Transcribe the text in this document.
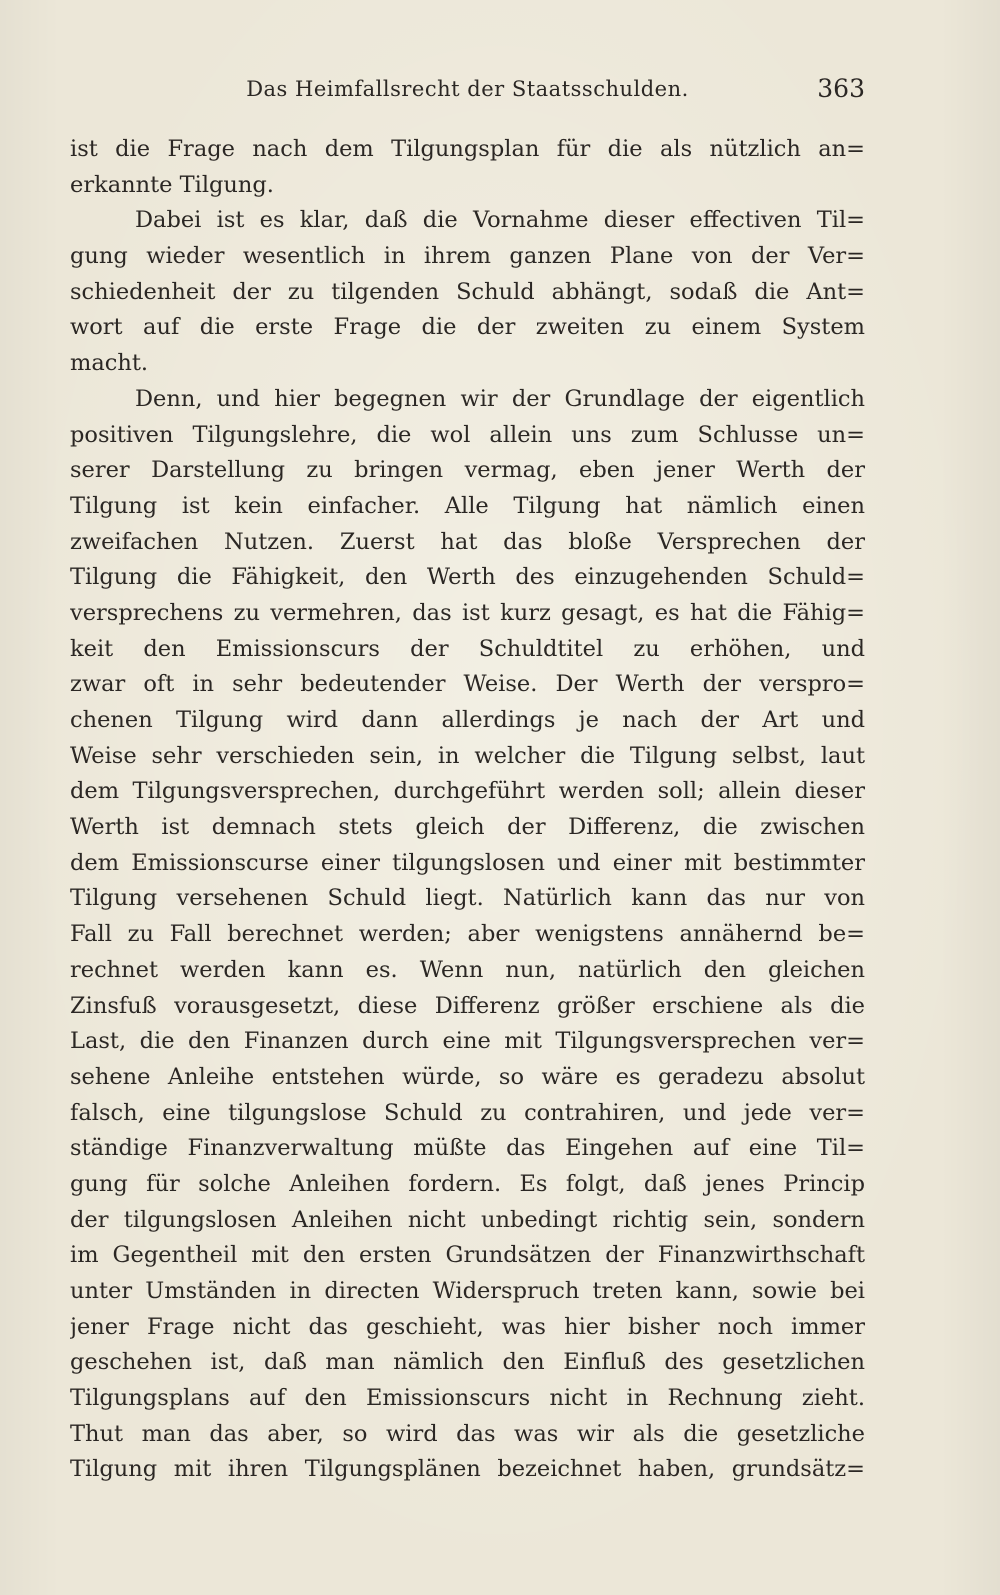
Das Heimfallsrecht der Staatsschulden.	363
ist die Frage nach dem Tilgungsplan für die als nützlich an=
erkannte Tilgung.
Dabei ist es klar, daß die Vornahme dieser effectiven Til=
gung wieder wesentlich in ihrem ganzen Plane von der Ver=
schiedenheit der zu tilgenden Schuld abhängt, sodaß die Ant=
wort auf die erste Frage die der zweiten zu einem System
macht.
Denn, und hier begegnen wir der Grundlage der eigentlich
positiven Tilgungslehre, die wol allein uns zum Schlusse un=
serer Darstellung zu bringen vermag, eben jener Werth der
Tilgung ist kein einfacher. Alle Tilgung hat nämlich einen
zweifachen Nutzen. Zuerst hat das bloße Versprechen der
Tilgung die Fähigkeit, den Werth des einzugehenden Schuld=
versprechens zu vermehren, das ist kurz gesagt, es hat die Fähig=
keit den Emissionscurs der Schuldtitel zu erhöhen, und
zwar oft in sehr bedeutender Weise. Der Werth der verspro=
chenen Tilgung wird dann allerdings je nach der Art und
Weise sehr verschieden sein, in welcher die Tilgung selbst, laut
dem Tilgungsversprechen, durchgeführt werden soll; allein dieser
Werth ist demnach stets gleich der Differenz, die zwischen
dem Emissionscurse einer tilgungslosen und einer mit bestimmter
Tilgung versehenen Schuld liegt. Natürlich kann das nur von
Fall zu Fall berechnet werden; aber wenigstens annähernd be=
rechnet werden kann es. Wenn nun, natürlich den gleichen
Zinsfuß vorausgesetzt, diese Differenz größer erschiene als die
Last, die den Finanzen durch eine mit Tilgungsversprechen ver=
sehene Anleihe entstehen würde, so wäre es geradezu absolut
falsch, eine tilgungslose Schuld zu contrahiren, und jede ver=
ständige Finanzverwaltung müßte das Eingehen auf eine Til=
gung für solche Anleihen fordern. Es folgt, daß jenes Princip
der tilgungslosen Anleihen nicht unbedingt richtig sein, sondern
im Gegentheil mit den ersten Grundsätzen der Finanzwirthschaft
unter Umständen in directen Widerspruch treten kann, sowie bei
jener Frage nicht das geschieht, was hier bisher noch immer
geschehen ist, daß man nämlich den Einfluß des gesetzlichen
Tilgungsplans auf den Emissionscurs nicht in Rechnung zieht.
Thut man das aber, so wird das was wir als die gesetzliche
Tilgung mit ihren Tilgungsplänen bezeichnet haben, grundsätz=
